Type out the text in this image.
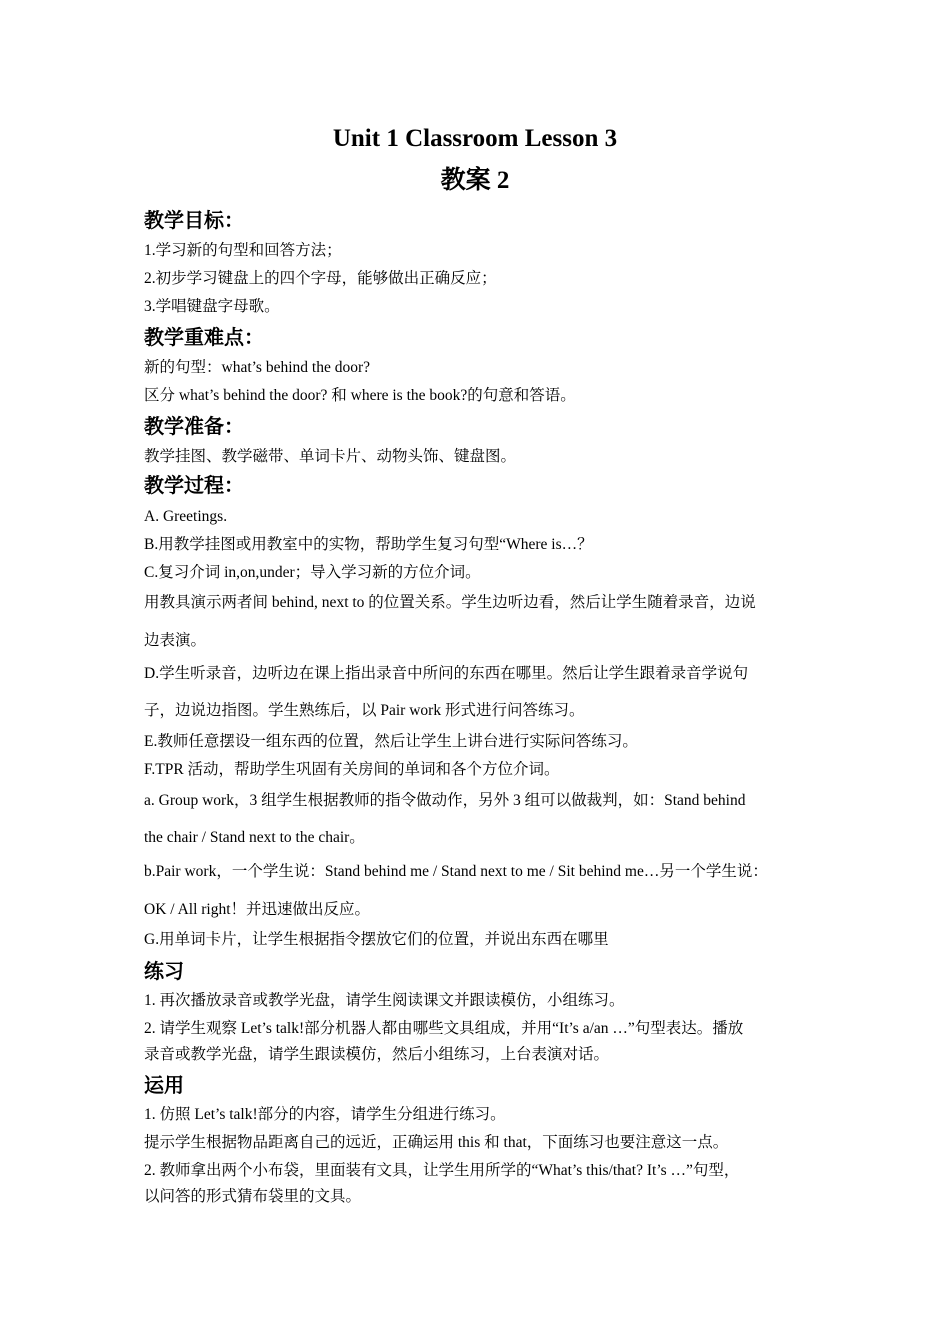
Unit 1 Classroom Lesson 3
教案 2
教学目标：
1.学习新的句型和回答方法；
2.初步学习键盘上的四个字母，能够做出正确反应；
3.学唱键盘字母歌。
教学重难点：
新的句型：what’s behind the door?
区分 what’s behind the door? 和 where is the book?的句意和答语。
教学准备：
教学挂图、教学磁带、单词卡片、动物头饰、键盘图。
教学过程：
A. Greetings.
B.用教学挂图或用教室中的实物，帮助学生复习句型“Where is…？
C.复习介词 in,on,under；导入学习新的方位介词。
用教具演示两者间 behind, next to 的位置关系。学生边听边看，然后让学生随着录音，边说
边表演。
D.学生听录音，边听边在课上指出录音中所问的东西在哪里。然后让学生跟着录音学说句
子，边说边指图。学生熟练后，以 Pair work 形式进行问答练习。
E.教师任意摆设一组东西的位置，然后让学生上讲台进行实际问答练习。
F.TPR 活动，帮助学生巩固有关房间的单词和各个方位介词。
a. Group work，3 组学生根据教师的指令做动作，另外 3 组可以做裁判，如：Stand behind
the chair / Stand next to the chair。
b.Pair work，一个学生说：Stand behind me / Stand next to me / Sit behind me…另一个学生说：
OK / All right！并迅速做出反应。
G.用单词卡片，让学生根据指令摆放它们的位置，并说出东西在哪里
练习
1. 再次播放录音或教学光盘，请学生阅读课文并跟读模仿，小组练习。
2. 请学生观察 Let’s talk!部分机器人都由哪些文具组成，并用“It’s a/an …”句型表达。播放
录音或教学光盘，请学生跟读模仿，然后小组练习，上台表演对话。
运用
1. 仿照 Let’s talk!部分的内容，请学生分组进行练习。
提示学生根据物品距离自己的远近，正确运用 this 和 that，下面练习也要注意这一点。
2. 教师拿出两个小布袋，里面装有文具，让学生用所学的“What’s this/that? It’s …”句型，
以问答的形式猜布袋里的文具。
